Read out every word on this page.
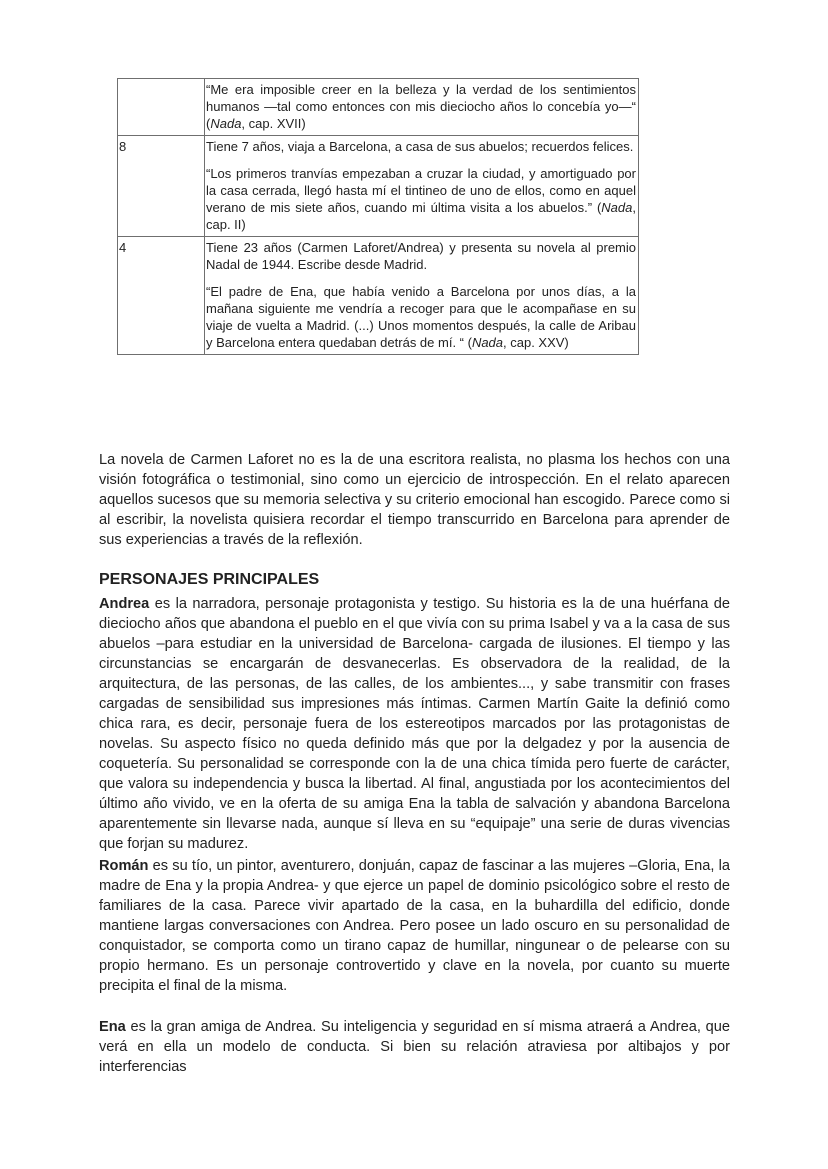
	“Me era imposible creer en la belleza y la verdad de los sentimientos humanos —tal como entonces con mis dieciocho años lo concebía yo—“ (Nada, cap. XVII)

8	Tiene 7 años, viaja a Barcelona, a casa de sus abuelos; recuerdos felices.

“Los primeros tranvías empezaban a cruzar la ciudad, y amortiguado por la casa cerrada, llegó hasta mí el tintineo de uno de ellos, como en aquel verano de mis siete años, cuando mi última visita a los abuelos.” (Nada, cap. II)

4	Tiene 23 años (Carmen Laforet/Andrea) y presenta su novela al premio Nadal de 1944. Escribe desde Madrid.

“El padre de Ena, que había venido a Barcelona por unos días, a la mañana siguiente me vendría a recoger para que le acompañase en su viaje de vuelta a Madrid. (...) Unos momentos después, la calle de Aribau y Barcelona entera quedaban detrás de mí. “ (Nada, cap. XXV)

La novela de Carmen Laforet no es la de una escritora realista, no plasma los hechos con una visión fotográfica o testimonial, sino como un ejercicio de introspección. En el relato aparecen aquellos sucesos que su memoria selectiva y su criterio emocional han escogido. Parece como si al escribir, la novelista quisiera recordar el tiempo transcurrido en Barcelona para aprender de sus experiencias a través de la reflexión.

PERSONAJES PRINCIPALES

Andrea es la narradora, personaje protagonista y testigo. Su historia es la de una huérfana de dieciocho años que abandona el pueblo en el que vivía con su prima Isabel y va a la casa de sus abuelos –para estudiar en la universidad de Barcelona- cargada de ilusiones. El tiempo y las circunstancias se encargarán de desvanecerlas. Es observadora de la realidad, de la arquitectura, de las personas, de las calles, de los ambientes..., y sabe transmitir con frases cargadas de sensibilidad sus impresiones más íntimas. Carmen Martín Gaite la definió como chica rara, es decir, personaje fuera de los estereotipos marcados por las protagonistas de novelas. Su aspecto físico no queda definido más que por la delgadez y por la ausencia de coquetería. Su personalidad se corresponde con la de una chica tímida pero fuerte de carácter, que valora su independencia y busca la libertad. Al final, angustiada por los acontecimientos del último año vivido, ve en la oferta de su amiga Ena la tabla de salvación y abandona Barcelona aparentemente sin llevarse nada, aunque sí lleva en su “equipaje” una serie de duras vivencias que forjan su madurez.

Román es su tío, un pintor, aventurero, donjuán, capaz de fascinar a las mujeres –Gloria, Ena, la madre de Ena y la propia Andrea- y que ejerce un papel de dominio psicológico sobre el resto de familiares de la casa. Parece vivir apartado de la casa, en la buhardilla del edificio, donde mantiene largas conversaciones con Andrea. Pero posee un lado oscuro en su personalidad de conquistador, se comporta como un tirano capaz de humillar, ningunear o de pelearse con su propio hermano. Es un personaje controvertido y clave en la novela, por cuanto su muerte precipita el final de la misma.

Ena es la gran amiga de Andrea. Su inteligencia y seguridad en sí misma atraerá a Andrea, que verá en ella un modelo de conducta. Si bien su relación atraviesa por altibajos y por interferencias
